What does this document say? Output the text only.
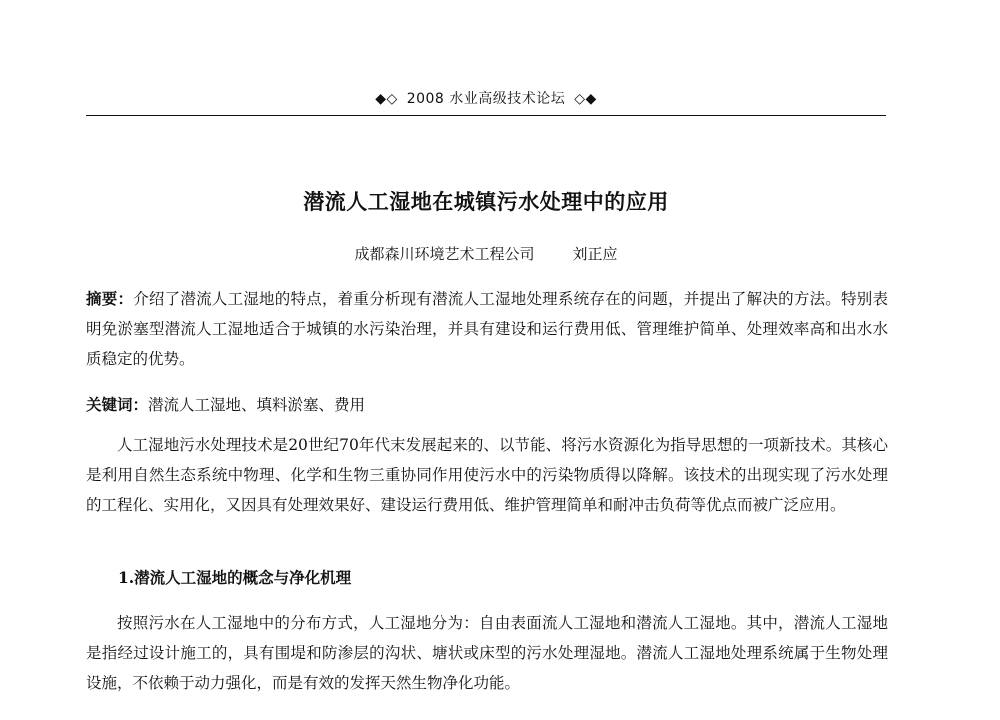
◆◇ 2008 水业高级技术论坛 ◇◆
潜流人工湿地在城镇污水处理中的应用
成都森川环境艺术工程公司	刘正应

摘要：介绍了潜流人工湿地的特点，着重分析现有潜流人工湿地处理系统存在的问题，并提出了解决的方法。特别表明免淤塞型潜流人工湿地适合于城镇的水污染治理，并具有建设和运行费用低、管理维护简单、处理效率高和出水水质稳定的优势。

关键词：潜流人工湿地、填料淤塞、费用

人工湿地污水处理技术是20世纪70年代末发展起来的、以节能、将污水资源化为指导思想的一项新技术。其核心是利用自然生态系统中物理、化学和生物三重协同作用使污水中的污染物质得以降解。该技术的出现实现了污水处理的工程化、实用化，又因具有处理效果好、建设运行费用低、维护管理简单和耐冲击负荷等优点而被广泛应用。

1.潜流人工湿地的概念与净化机理

按照污水在人工湿地中的分布方式，人工湿地分为：自由表面流人工湿地和潜流人工湿地。其中，潜流人工湿地是指经过设计施工的，具有围堤和防渗层的沟状、塘状或床型的污水处理湿地。潜流人工湿地处理系统属于生物处理设施，不依赖于动力强化，而是有效的发挥天然生物净化功能。
